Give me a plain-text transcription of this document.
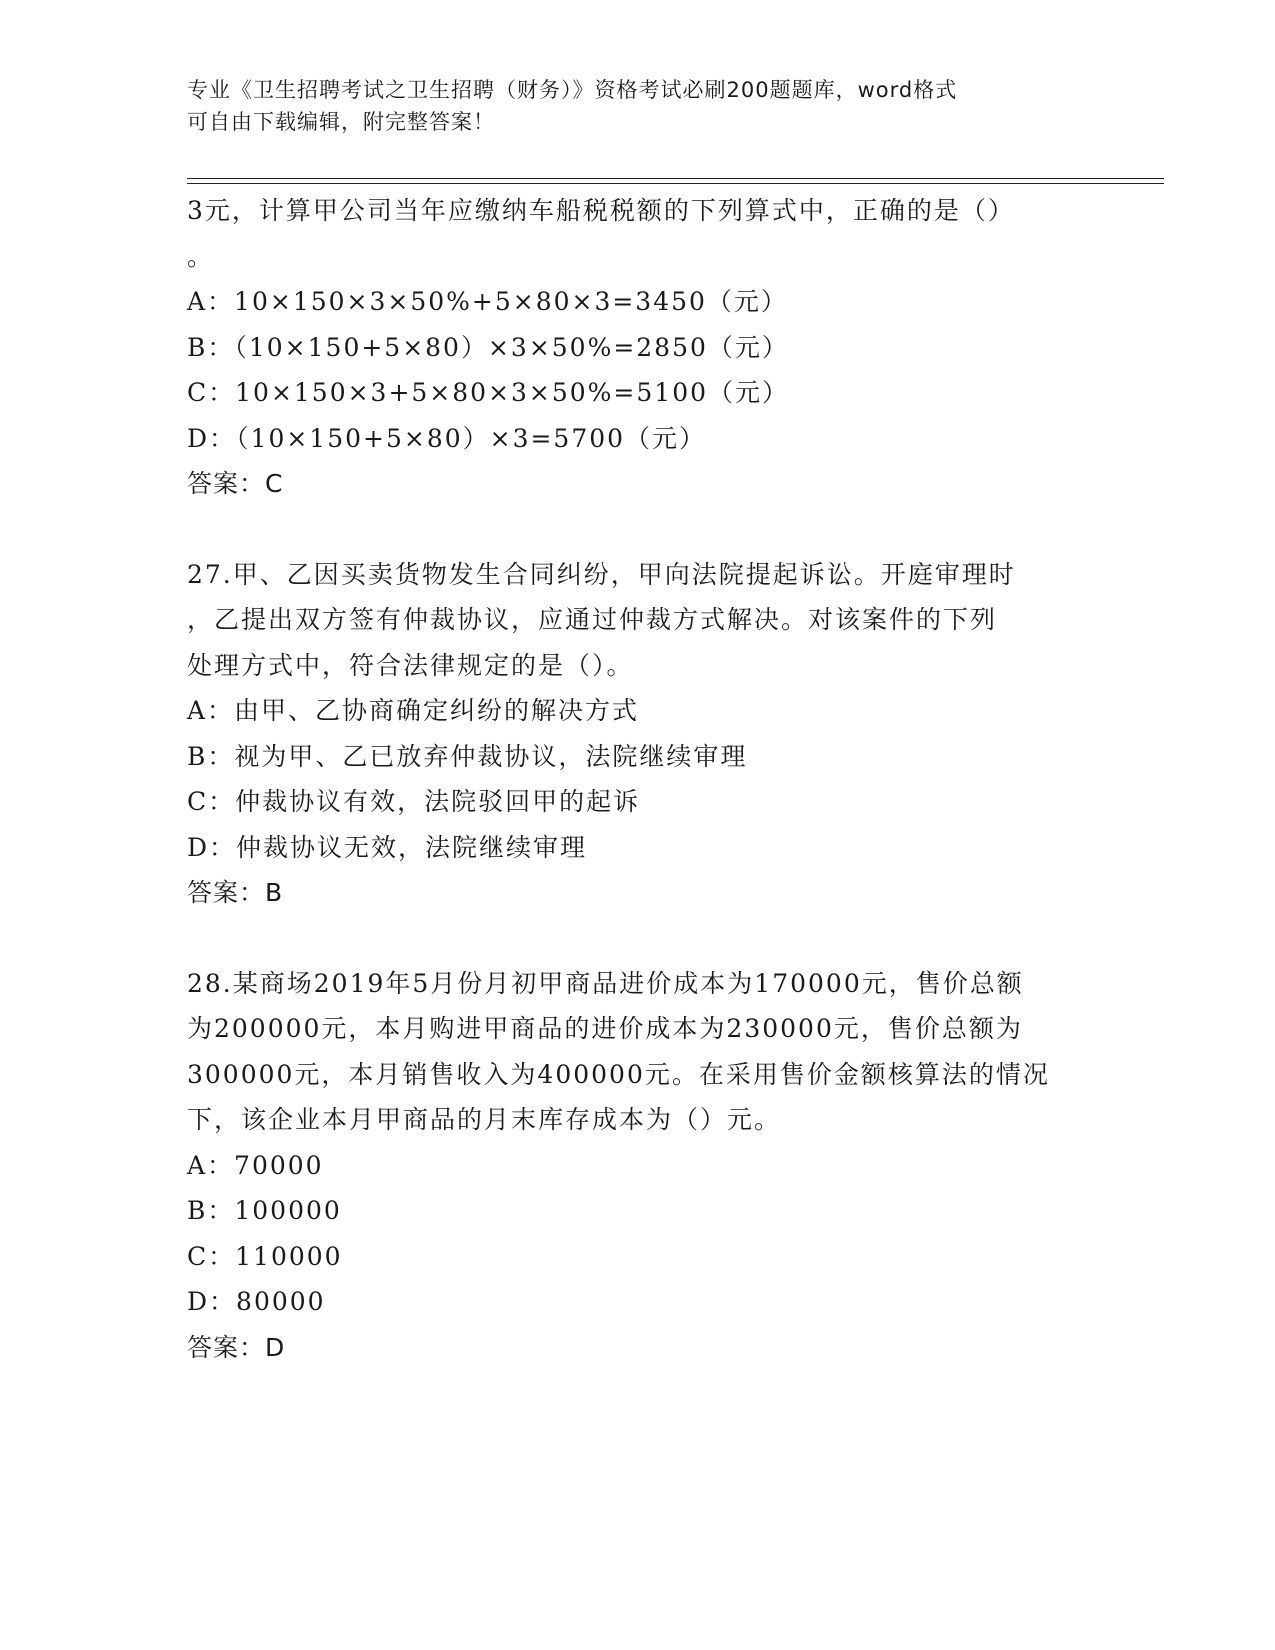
专业《卫生招聘考试之卫生招聘（财务）》资格考试必刷200题题库，word格式
可自由下载编辑，附完整答案！
3元，计算甲公司当年应缴纳车船税税额的下列算式中，正确的是（）
。
A：10×150×3×50%+5×80×3=3450（元）
B：（10×150+5×80）×3×50%=2850（元）
C：10×150×3+5×80×3×50%=5100（元）
D：（10×150+5×80）×3=5700（元）
答案：C
27.甲、乙因买卖货物发生合同纠纷，甲向法院提起诉讼。开庭审理时
，乙提出双方签有仲裁协议，应通过仲裁方式解决。对该案件的下列
处理方式中，符合法律规定的是（）。
A：由甲、乙协商确定纠纷的解决方式
B：视为甲、乙已放弃仲裁协议，法院继续审理
C：仲裁协议有效，法院驳回甲的起诉
D：仲裁协议无效，法院继续审理
答案：B
28.某商场2019年5月份月初甲商品进价成本为170000元，售价总额
为200000元，本月购进甲商品的进价成本为230000元，售价总额为
300000元，本月销售收入为400000元。在采用售价金额核算法的情况
下，该企业本月甲商品的月末库存成本为（）元。
A：70000
B：100000
C：110000
D：80000
答案：D
